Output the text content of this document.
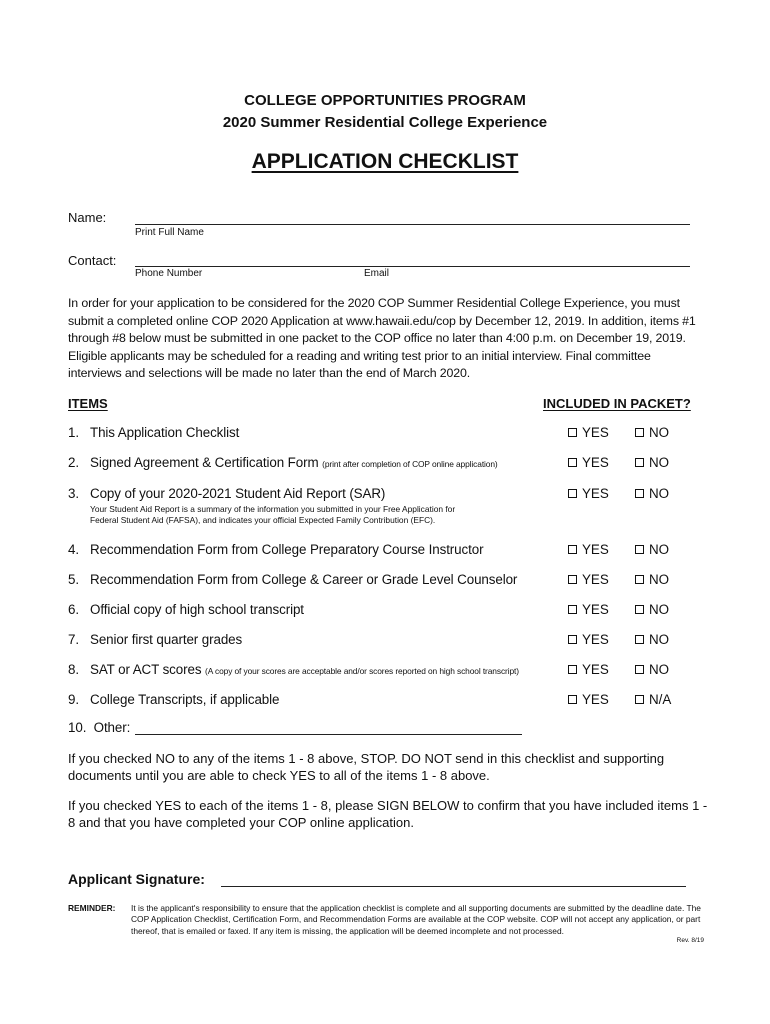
COLLEGE OPPORTUNITIES PROGRAM
2020 Summer Residential College Experience
APPLICATION CHECKLIST
Name:
Print Full Name
Contact:
Phone Number	Email
In order for your application to be considered for the 2020 COP Summer Residential College Experience, you must submit a completed online COP 2020 Application at www.hawaii.edu/cop by December 12, 2019. In addition, items #1 through #8 below must be submitted in one packet to the COP office no later than 4:00 p.m. on December 19, 2019. Eligible applicants may be scheduled for a reading and writing test prior to an initial interview. Final committee interviews and selections will be made no later than the end of March 2020.
ITEMS	INCLUDED IN PACKET?
1. This Application Checklist	YES	NO
2. Signed Agreement & Certification Form (print after completion of COP online application)	YES	NO
3. Copy of your 2020-2021 Student Aid Report (SAR)
Your Student Aid Report is a summary of the information you submitted in your Free Application for
Federal Student Aid (FAFSA), and indicates your official Expected Family Contribution (EFC).
YES	NO
4. Recommendation Form from College Preparatory Course Instructor	YES	NO
5. Recommendation Form from College & Career or Grade Level Counselor	YES	NO
6. Official copy of high school transcript	YES	NO
7. Senior first quarter grades	YES	NO
8. SAT or ACT scores (A copy of your scores are acceptable and/or scores reported on high school transcript)	YES	NO
9. College Transcripts, if applicable	YES	N/A
10. Other:
If you checked NO to any of the items 1 - 8 above, STOP. DO NOT send in this checklist and supporting documents until you are able to check YES to all of the items 1 - 8 above.
If you checked YES to each of the items 1 - 8, please SIGN BELOW to confirm that you have included items 1 - 8 and that you have completed your COP online application.
Applicant Signature:
REMINDER: It is the applicant's responsibility to ensure that the application checklist is complete and all supporting documents are submitted by the deadline date. The COP Application Checklist, Certification Form, and Recommendation Forms are available at the COP website. COP will not accept any application, or part thereof, that is emailed or faxed. If any item is missing, the application will be deemed incomplete and not processed.
Rev. 8/19
